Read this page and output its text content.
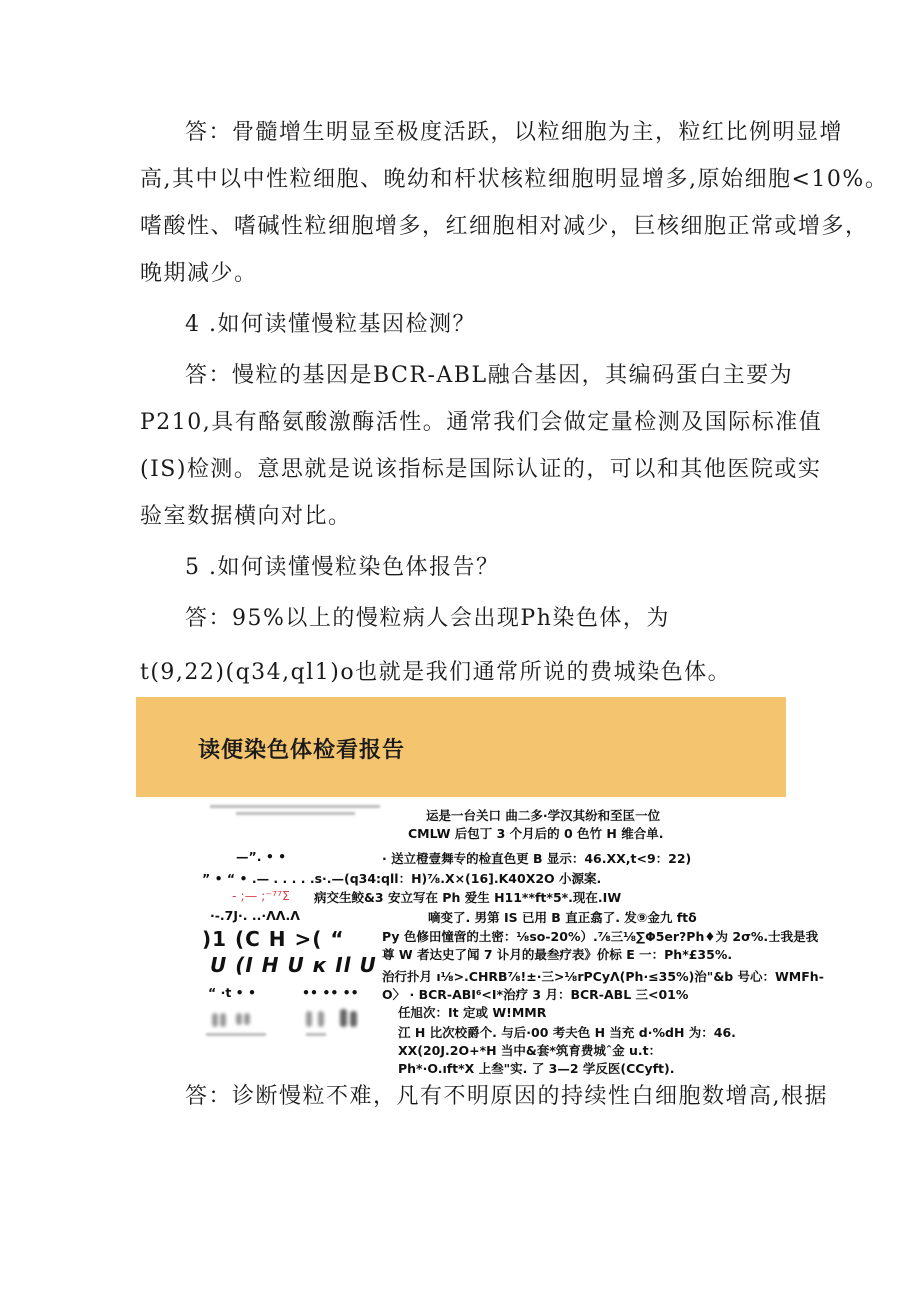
答：骨髓增生明显至极度活跃，以粒细胞为主，粒红比例明显增

高,其中以中性粒细胞、晚幼和杆状核粒细胞明显增多,原始细胞<10%。

嗜酸性、嗜碱性粒细胞增多，红细胞相对减少，巨核细胞正常或增多，

晚期减少。

4 .如何读懂慢粒基因检测？

答：慢粒的基因是BCR-ABL融合基因，其编码蛋白主要为

P210,具有酪氨酸激酶活性。通常我们会做定量检测及国际标准值

(IS)检测。意思就是说该指标是国际认证的，可以和其他医院或实

验室数据横向对比。

5 .如何读懂慢粒染色体报告？

答：95%以上的慢粒病人会出现Ph染色体，为

t(9,22)(q34,ql1)o也就是我们通常所说的费城染色体。

读便染色体检看报告
运是一台关口 曲二多·学汉其纷和至匡一位
CMLW 后包丁 3 个月后的 0 色竹 H 维合单.
—”. • •	· 送立橙壹舞专的检直色更 B 显示：46.XX,t<9：22)
” • “ • .— . . . . .s·.—(q34:qll：H)⅞.X×(16].K40X2O 小源案.
- ;— ;⁻⁷⁷Σ 病交生鲛&3 安立写在 Ph 爱生 H11**ft*5*.现在.IW
·-.7J·. ..·ΛΛ.Λ	嘀变了. 男第 IS 已用 B 直正翕了. 发⑨金九 ftδ
Py 色修田憧啻的土密：⅛so-20%）.⅞三⅛∑Φ5er?Ph♦为 2σ%.士我是我
尊 W 者达史了闻 7 讣月的最叁疗表》价标 E 一：Ph*£35%.
)1 (C H >( “
U (I H U к Il U 治行扑月 ı⅛>.CHRB⅞!±·三>⅛rPCyΛ(Ph·≤35%)治"&b 号心：WMFh-
O〉 · BCR-ABI⁶<I*治疗 3 月：BCR-ABL 三<01%
任旭次：It 定或 W!MMR
“ ·t • •	•• •• ••
江 H 比次校爵个. 与后·00 考夫色 H 当充 d·%dH 为：46.
XX(20J.2O+*H 当中&套*筑育费城ˆ金 u.t：
Ph*·O.ıft*X 上叁"实. 了 3—2 学反医(CCyft).

答：诊断慢粒不难，凡有不明原因的持续性白细胞数增高,根据
